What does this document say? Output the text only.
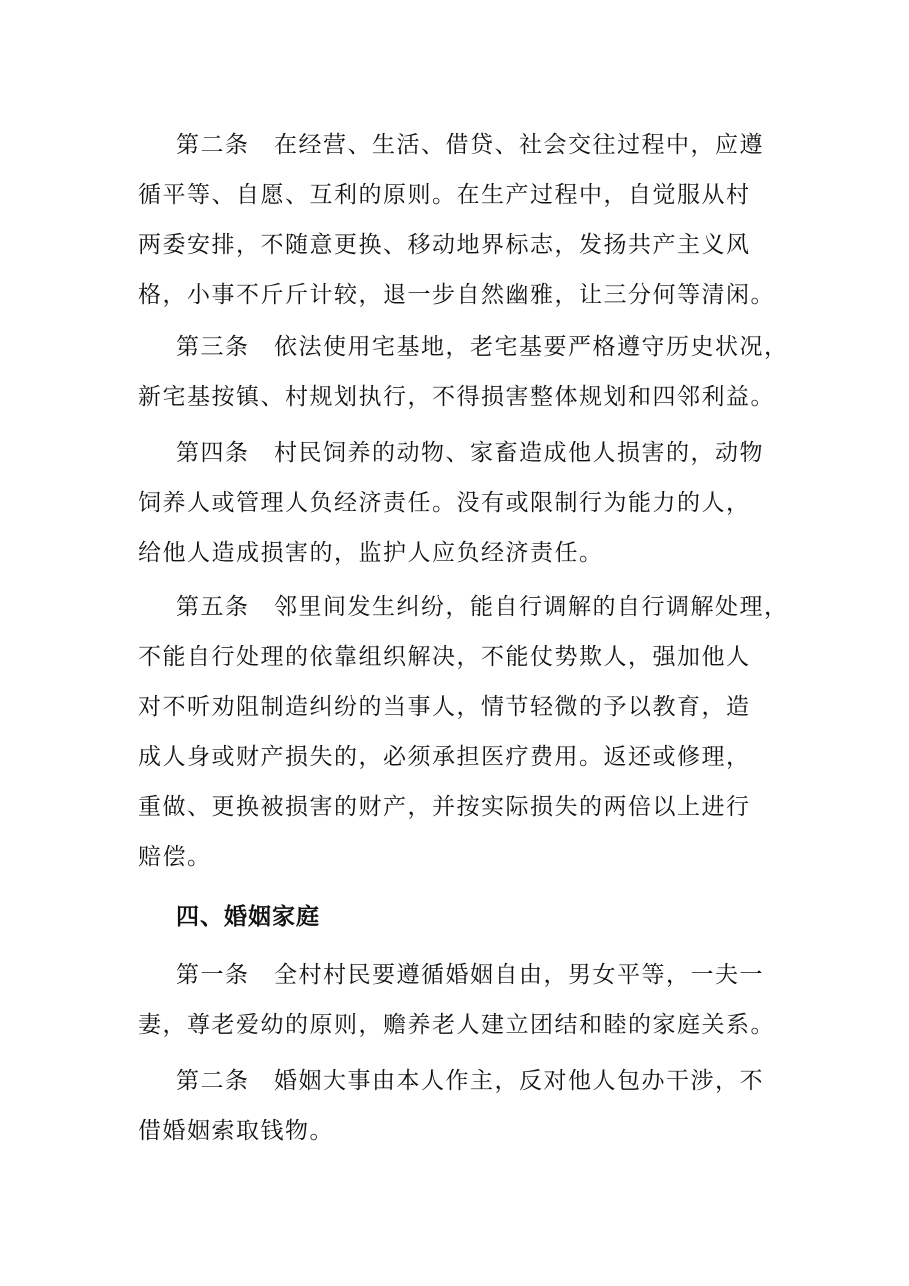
第二条　在经营、生活、借贷、社会交往过程中，应遵
循平等、自愿、互利的原则。在生产过程中，自觉服从村
两委安排，不随意更换、移动地界标志，发扬共产主义风
格，小事不斤斤计较，退一步自然幽雅，让三分何等清闲。
第三条　依法使用宅基地，老宅基要严格遵守历史状况，
新宅基按镇、村规划执行，不得损害整体规划和四邻利益。
第四条　村民饲养的动物、家畜造成他人损害的，动物
饲养人或管理人负经济责任。没有或限制行为能力的人，
给他人造成损害的，监护人应负经济责任。
第五条　邻里间发生纠纷，能自行调解的自行调解处理，
不能自行处理的依靠组织解决，不能仗势欺人，强加他人
对不听劝阻制造纠纷的当事人，情节轻微的予以教育，造
成人身或财产损失的，必须承担医疗费用。返还或修理，
重做、更换被损害的财产，并按实际损失的两倍以上进行
赔偿。
四、婚姻家庭
第一条　全村村民要遵循婚姻自由，男女平等，一夫一
妻，尊老爱幼的原则，赡养老人建立团结和睦的家庭关系。
第二条　婚姻大事由本人作主，反对他人包办干涉，不
借婚姻索取钱物。
